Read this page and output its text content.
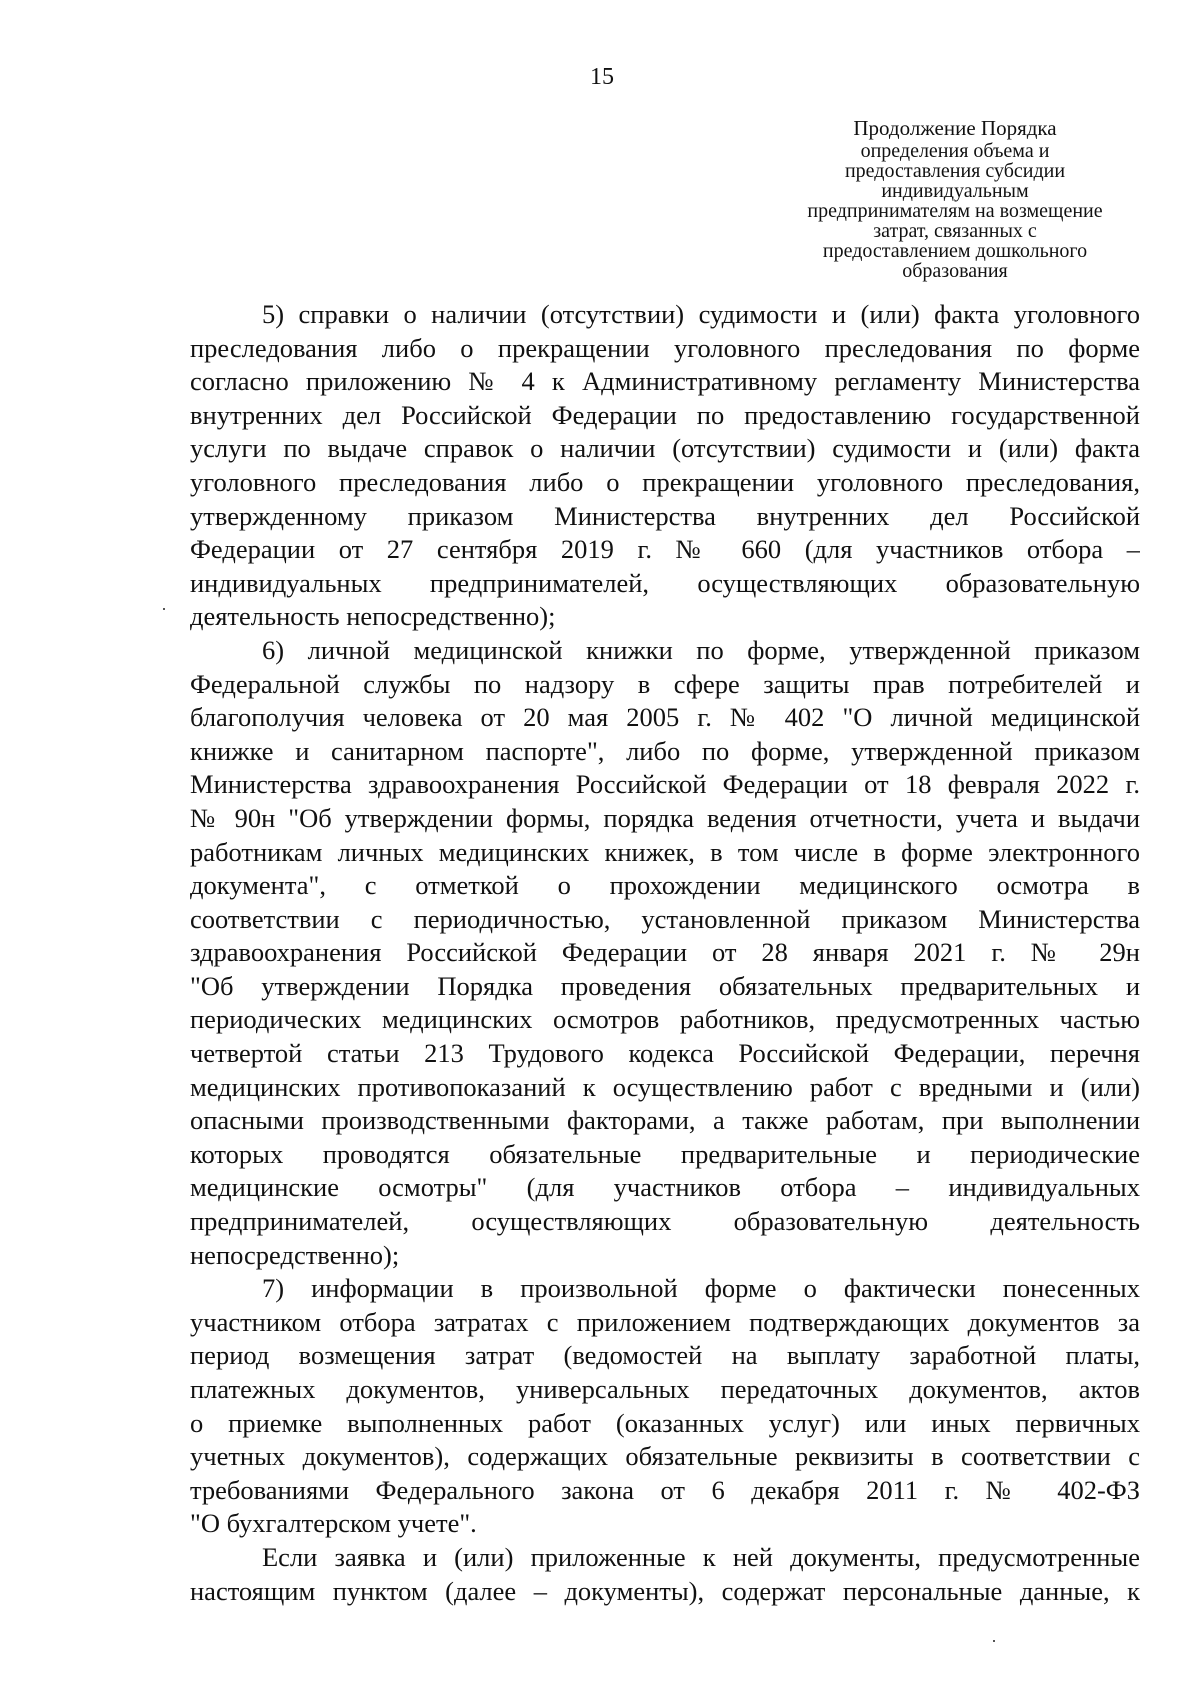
15
Продолжение Порядка
определения объема и
предоставления субсидии
индивидуальным
предпринимателям на возмещение
затрат, связанных с
предоставлением дошкольного
образования
5) справки о наличии (отсутствии) судимости и (или) факта уголовного
преследования либо о прекращении уголовного преследования по форме
согласно приложению № 4 к Административному регламенту Министерства
внутренних дел Российской Федерации по предоставлению государственной
услуги по выдаче справок о наличии (отсутствии) судимости и (или) факта
уголовного преследования либо о прекращении уголовного преследования,
утвержденному приказом Министерства внутренних дел Российской
Федерации от 27 сентября 2019 г. № 660 (для участников отбора –
индивидуальных предпринимателей, осуществляющих образовательную
деятельность непосредственно);
6) личной медицинской книжки по форме, утвержденной приказом
Федеральной службы по надзору в сфере защиты прав потребителей и
благополучия человека от 20 мая 2005 г. № 402 "О личной медицинской
книжке и санитарном паспорте", либо по форме, утвержденной приказом
Министерства здравоохранения Российской Федерации от 18 февраля 2022 г.
№ 90н "Об утверждении формы, порядка ведения отчетности, учета и выдачи
работникам личных медицинских книжек, в том числе в форме электронного
документа", с отметкой о прохождении медицинского осмотра в
соответствии с периодичностью, установленной приказом Министерства
здравоохранения Российской Федерации от 28 января 2021 г. № 29н
"Об утверждении Порядка проведения обязательных предварительных и
периодических медицинских осмотров работников, предусмотренных частью
четвертой статьи 213 Трудового кодекса Российской Федерации, перечня
медицинских противопоказаний к осуществлению работ с вредными и (или)
опасными производственными факторами, а также работам, при выполнении
которых проводятся обязательные предварительные и периодические
медицинские осмотры" (для участников отбора – индивидуальных
предпринимателей, осуществляющих образовательную деятельность
непосредственно);
7) информации в произвольной форме о фактически понесенных
участником отбора затратах с приложением подтверждающих документов за
период возмещения затрат (ведомостей на выплату заработной платы,
платежных документов, универсальных передаточных документов, актов
о приемке выполненных работ (оказанных услуг) или иных первичных
учетных документов), содержащих обязательные реквизиты в соответствии с
требованиями Федерального закона от 6 декабря 2011 г. № 402-ФЗ
"О бухгалтерском учете".
Если заявка и (или) приложенные к ней документы, предусмотренные
настоящим пунктом (далее – документы), содержат персональные данные, к
